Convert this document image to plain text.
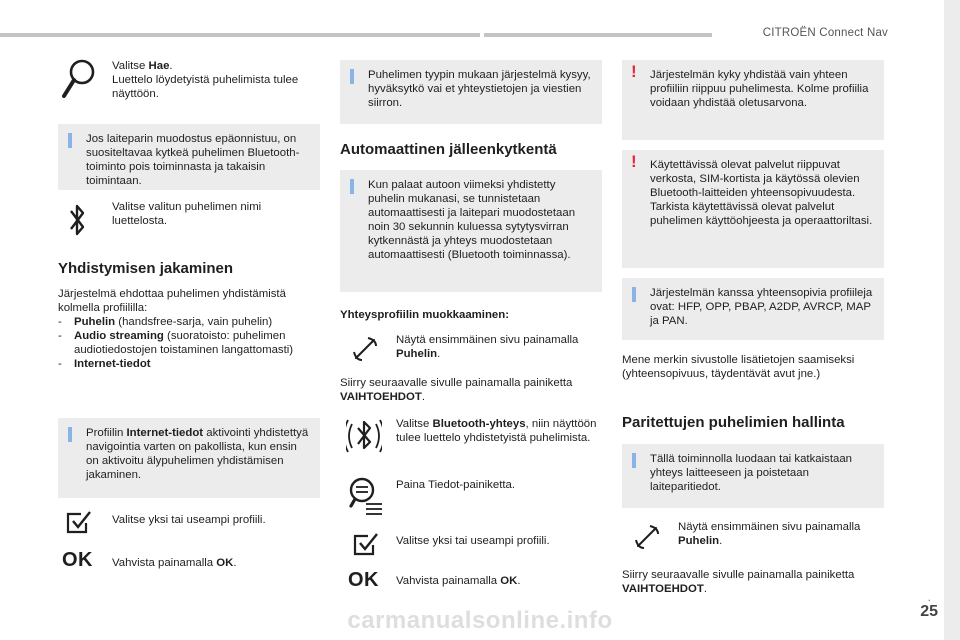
CITROËN Connect Nav
.
25
carmanualsonline.info
Valitse Hae.
Luettelo löydetyistä puhelimista tulee näyttöön.
Jos laiteparin muodostus epäonnistuu, on suositeltavaa kytkeä puhelimen Bluetooth-toiminto pois toiminnasta ja takaisin toimintaan.
Valitse valitun puhelimen nimi luettelosta.
Yhdistymisen jakaminen
Järjestelmä ehdottaa puhelimen yhdistämistä kolmella profiililla:
- Puhelin (handsfree-sarja, vain puhelin)
- Audio streaming (suoratoisto: puhelimen audiotiedostojen toistaminen langattomasti)
- Internet-tiedot
Profiilin Internet-tiedot aktivointi yhdistettyä navigointia varten on pakollista, kun ensin on aktivoitu älypuhelimen yhdistämisen jakaminen.
Valitse yksi tai useampi profiili.
OK Vahvista painamalla OK.
Puhelimen tyypin mukaan järjestelmä kysyy, hyväksytkö vai et yhteystietojen ja viestien siirron.
Automaattinen jälleenkytkentä
Kun palaat autoon viimeksi yhdistetty puhelin mukanasi, se tunnistetaan automaattisesti ja laitepari muodostetaan noin 30 sekunnin kuluessa sytytysvirran kytkennästä ja yhteys muodostetaan automaattisesti (Bluetooth toiminnassa).
Yhteysprofiilin muokkaaminen:
Näytä ensimmäinen sivu painamalla Puhelin.
Siirry seuraavalle sivulle painamalla painiketta VAIHTOEHDOT.
Valitse Bluetooth-yhteys, niin näyttöön tulee luettelo yhdistetyistä puhelimista.
Paina Tiedot-painiketta.
Valitse yksi tai useampi profiili.
OK Vahvista painamalla OK.
! Järjestelmän kyky yhdistää vain yhteen profiiliin riippuu puhelimesta. Kolme profiilia voidaan yhdistää oletusarvona.
! Käytettävissä olevat palvelut riippuvat verkosta, SIM-kortista ja käytössä olevien Bluetooth-laitteiden yhteensopivuudesta. Tarkista käytettävissä olevat palvelut puhelimen käyttöohjeesta ja operaattoriltasi.
Järjestelmän kanssa yhteensopivia profiileja ovat: HFP, OPP, PBAP, A2DP, AVRCP, MAP ja PAN.
Mene merkin sivustolle lisätietojen saamiseksi (yhteensopivuus, täydentävät avut jne.)
Paritettujen puhelimien hallinta
Tällä toiminnolla luodaan tai katkaistaan yhteys laitteeseen ja poistetaan laiteparitiedot.
Näytä ensimmäinen sivu painamalla Puhelin.
Siirry seuraavalle sivulle painamalla painiketta VAIHTOEHDOT.
